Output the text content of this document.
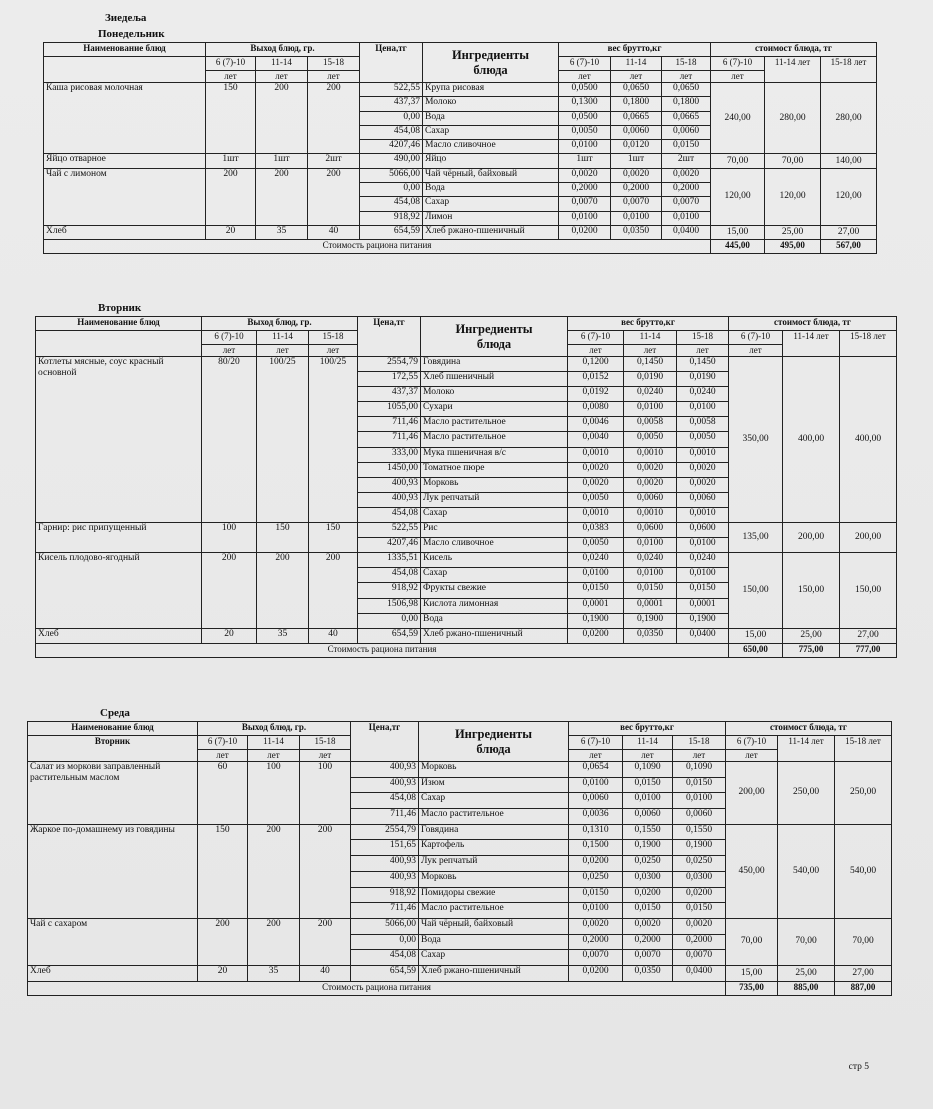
Зиедеља
Понедельник
Наименование блюд	Выход блюд, гр.			Цена,тг	Ингредиенты
блюда	вес брутто,кг			стоимост блюда, тг		
	6 (7)-10	11-14	15-18			6 (7)-10	11-14	15-18	6 (7)-10	11-14 лет	15-18 лет
	лет	лет	лет			лет	лет	лет	лет		
Каша рисовая молочная	150	200	200	522,55	Крупа рисовая	0,0500	0,0650	0,0650	240,00	280,00	280,00
				437,37	Молоко	0,1300	0,1800	0,1800			
				0,00	Вода	0,0500	0,0665	0,0665			
				454,08	Сахар	0,0050	0,0060	0,0060			
				4207,46	Масло сливочное	0,0100	0,0120	0,0150			
Яйцо отварное	1шт	1шт	2шт	490,00	Яйцо	1шт	1шт	2шт	70,00	70,00	140,00
Чай с лимоном	200	200	200	5066,00	Чай чёрный, байховый	0,0020	0,0020	0,0020	120,00	120,00	120,00
				0,00	Вода	0,2000	0,2000	0,2000			
				454,08	Сахар	0,0070	0,0070	0,0070			
				918,92	Лимон	0,0100	0,0100	0,0100			
Хлеб	20	35	40	654,59	Хлеб ржано-пшеничный	0,0200	0,0350	0,0400	15,00	25,00	27,00
Стоимость рациона питания									445,00	495,00	567,00
Вторник
Наименование блюд	Выход блюд, гр.			Цена,тг	Ингредиенты
блюда	вес брутто,кг			стоимост блюда, тг		
	6 (7)-10	11-14	15-18			6 (7)-10	11-14	15-18	6 (7)-10	11-14 лет	15-18 лет
	лет	лет	лет			лет	лет	лет	лет		
Котлеты мясные, соус красный основной	80/20	100/25	100/25	2554,79	Говядина	0,1200	0,1450	0,1450	350,00	400,00	400,00
				172,55	Хлеб пшеничный	0,0152	0,0190	0,0190			
				437,37	Молоко	0,0192	0,0240	0,0240			
				1055,00	Сухари	0,0080	0,0100	0,0100			
				711,46	Масло растительное	0,0046	0,0058	0,0058			
				711,46	Масло растительное	0,0040	0,0050	0,0050			
				333,00	Мука пшеничная в/с	0,0010	0,0010	0,0010			
				1450,00	Томатное пюре	0,0020	0,0020	0,0020			
				400,93	Морковь	0,0020	0,0020	0,0020			
				400,93	Лук репчатый	0,0050	0,0060	0,0060			
				454,08	Сахар	0,0010	0,0010	0,0010			
Гарнир: рис припущенный	100	150	150	522,55	Рис	0,0383	0,0600	0,0600	135,00	200,00	200,00
				4207,46	Масло сливочное	0,0050	0,0100	0,0100			
Кисель плодово-ягодный	200	200	200	1335,51	Кисель	0,0240	0,0240	0,0240	150,00	150,00	150,00
				454,08	Сахар	0,0100	0,0100	0,0100			
				918,92	Фрукты свежие	0,0150	0,0150	0,0150			
				1506,98	Кислота лимонная	0,0001	0,0001	0,0001			
				0,00	Вода	0,1900	0,1900	0,1900			
Хлеб	20	35	40	654,59	Хлеб ржано-пшеничный	0,0200	0,0350	0,0400	15,00	25,00	27,00
Стоимость рациона питания									650,00	775,00	777,00
Среда
Наименование блюд	Выход блюд, гр.			Цена,тг	Ингредиенты
блюда	вес брутто,кг			стоимост блюда, тг		
Вторник	6 (7)-10	11-14	15-18			6 (7)-10	11-14	15-18	6 (7)-10	11-14 лет	15-18 лет
	лет	лет	лет			лет	лет	лет	лет		
Салат из моркови заправленный растительным маслом	60	100	100	400,93	Морковь	0,0654	0,1090	0,1090	200,00	250,00	250,00
				400,93	Изюм	0,0100	0,0150	0,0150			
				454,08	Сахар	0,0060	0,0100	0,0100			
				711,46	Масло растительное	0,0036	0,0060	0,0060			
Жаркое по-домашнему из говядины	150	200	200	2554,79	Говядина	0,1310	0,1550	0,1550	450,00	540,00	540,00
				151,65	Картофель	0,1500	0,1900	0,1900			
				400,93	Лук репчатый	0,0200	0,0250	0,0250			
				400,93	Морковь	0,0250	0,0300	0,0300			
				918,92	Помидоры свежие	0,0150	0,0200	0,0200			
				711,46	Масло растительное	0,0100	0,0150	0,0150			
Чай с сахаром	200	200	200	5066,00	Чай чёрный, байховый	0,0020	0,0020	0,0020	70,00	70,00	70,00
				0,00	Вода	0,2000	0,2000	0,2000			
				454,08	Сахар	0,0070	0,0070	0,0070			
Хлеб	20	35	40	654,59	Хлеб ржано-пшеничный	0,0200	0,0350	0,0400	15,00	25,00	27,00
Стоимость рациона питания									735,00	885,00	887,00
стр 5
